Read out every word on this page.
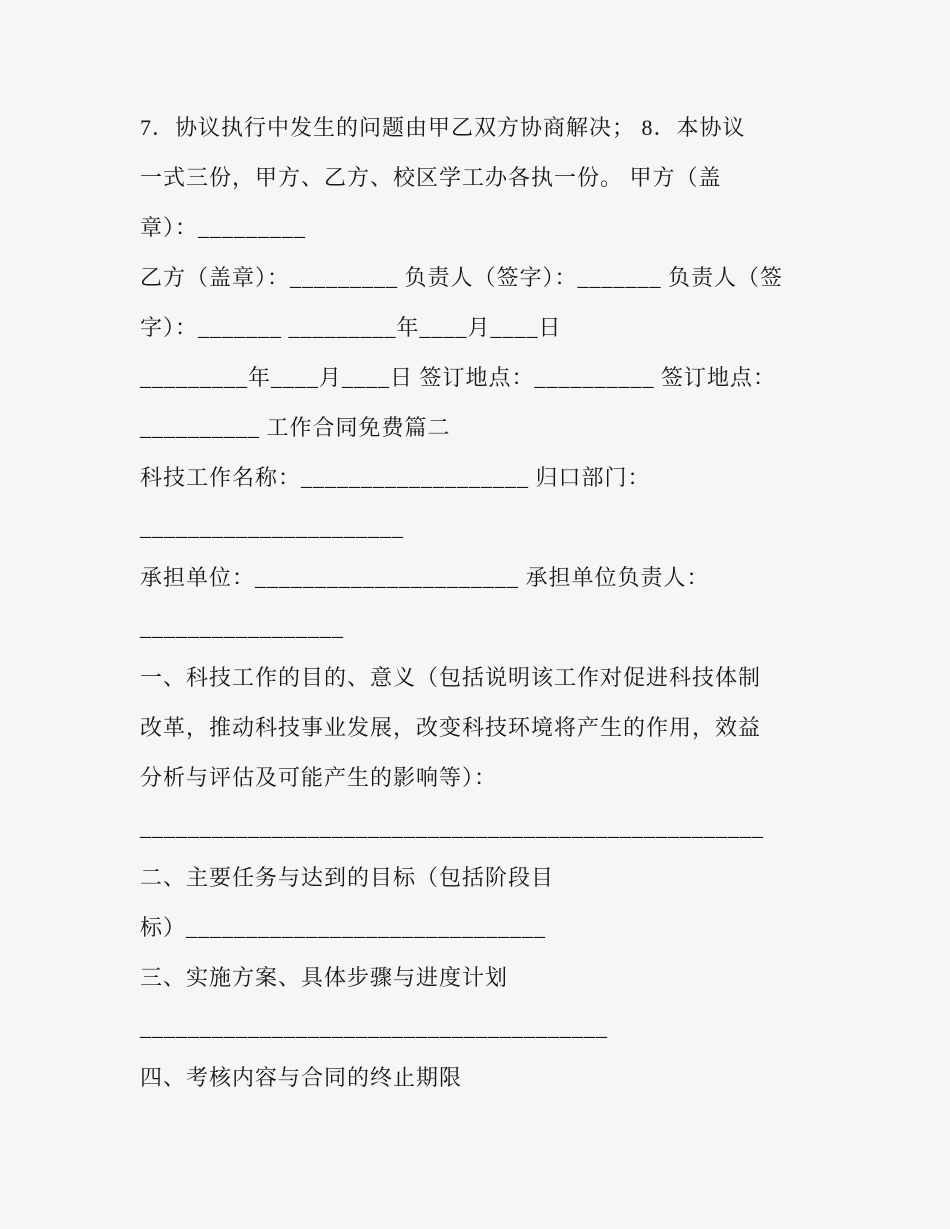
7．协议执行中发生的问题由甲乙双方协商解决； 8．本协议

一式三份，甲方、乙方、校区学工办各执一份。 甲方（盖

章）：_________

乙方（盖章）：_________ 负责人（签字）：_______ 负责人（签

字）：_______ _________年____月____日

_________年____月____日 签订地点：__________ 签订地点：

__________ 工作合同免费篇二

科技工作名称：___________________ 归口部门：

______________________

承担单位：______________________ 承担单位负责人：

_________________

一、科技工作的目的、意义（包括说明该工作对促进科技体制

改革，推动科技事业发展，改变科技环境将产生的作用，效益

分析与评估及可能产生的影响等）：

____________________________________________________

二、主要任务与达到的目标（包括阶段目

标）______________________________

三、实施方案、具体步骤与进度计划

_______________________________________

四、考核内容与合同的终止期限
